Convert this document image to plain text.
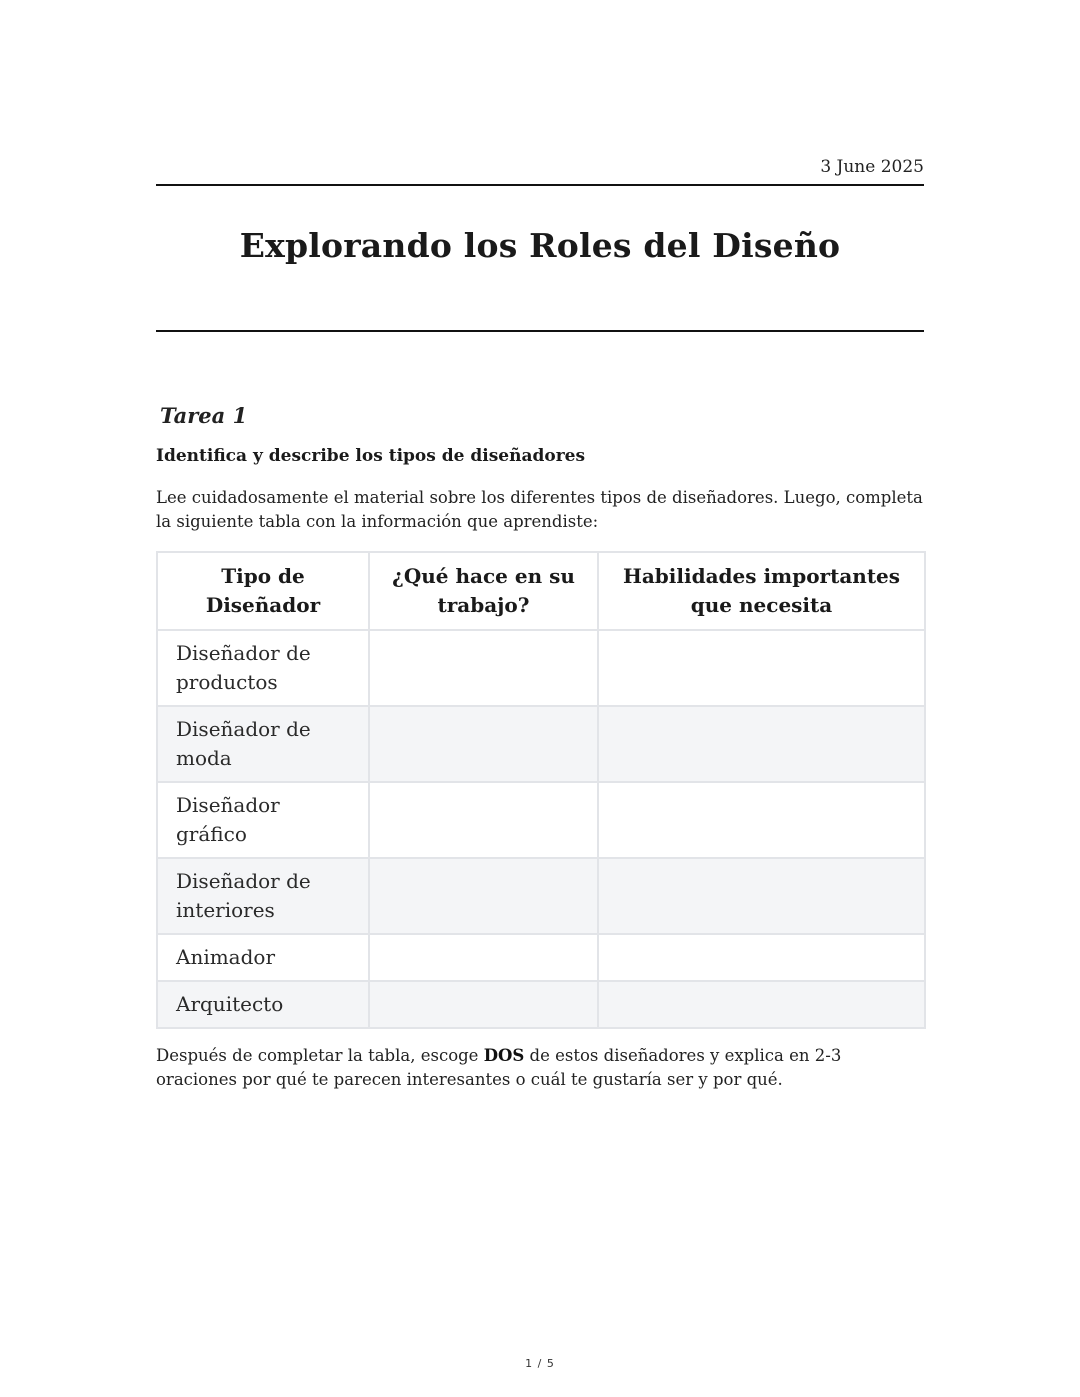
3 June 2025
Explorando los Roles del Diseño
Tarea 1
Identifica y describe los tipos de diseñadores
Lee cuidadosamente el material sobre los diferentes tipos de diseñadores. Luego, completa la siguiente tabla con la información que aprendiste:
Tipo de Diseñador	¿Qué hace en su trabajo?	Habilidades importantes que necesita
Diseñador de productos		
Diseñador de moda		
Diseñador gráfico		
Diseñador de interiores		
Animador		
Arquitecto		
Después de completar la tabla, escoge DOS de estos diseñadores y explica en 2-3 oraciones por qué te parecen interesantes o cuál te gustaría ser y por qué.
1 / 5
